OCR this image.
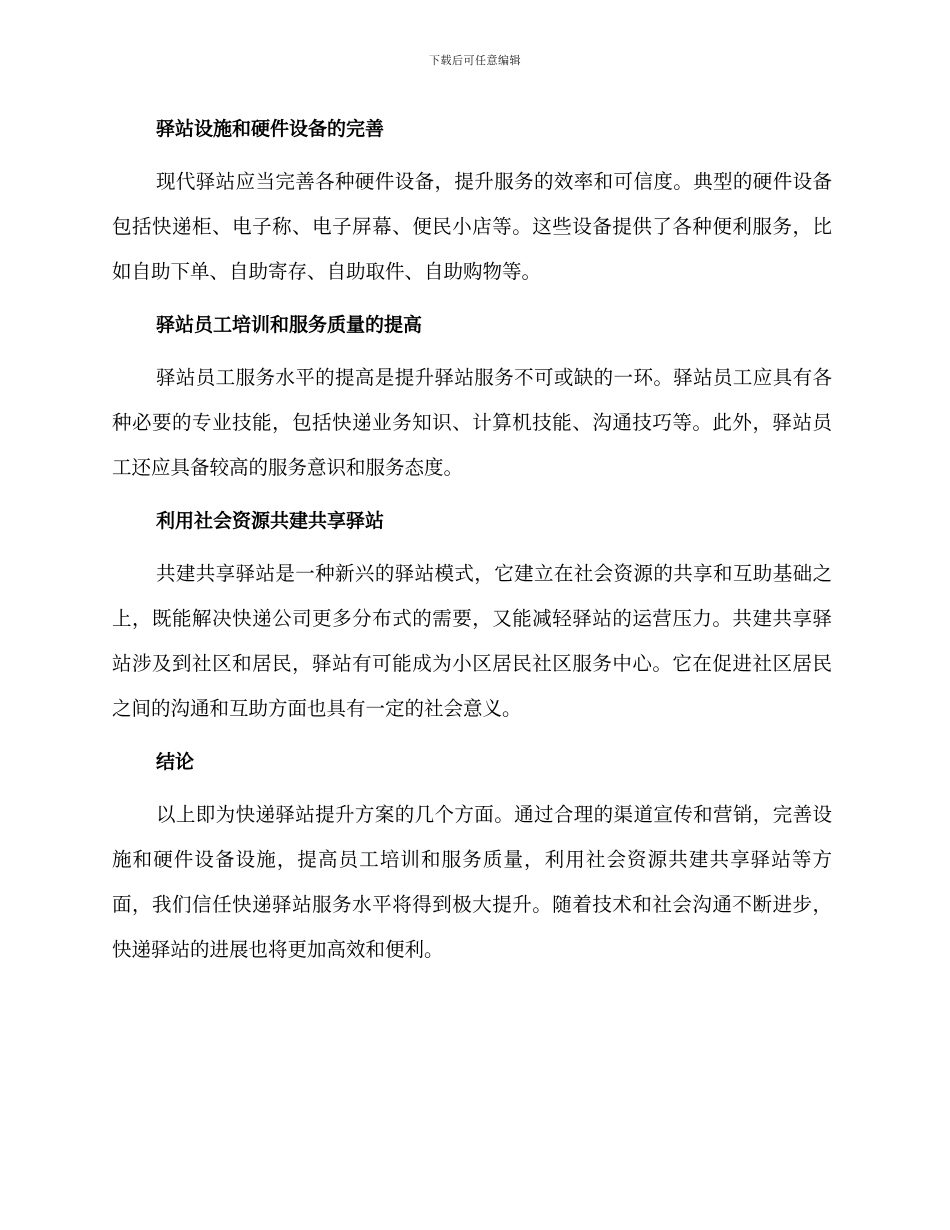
下载后可任意编辑
驿站设施和硬件设备的完善

现代驿站应当完善各种硬件设备，提升服务的效率和可信度。典型的硬件设备包括快递柜、电子称、电子屏幕、便民小店等。这些设备提供了各种便利服务，比如自助下单、自助寄存、自助取件、自助购物等。

驿站员工培训和服务质量的提高

驿站员工服务水平的提高是提升驿站服务不可或缺的一环。驿站员工应具有各种必要的专业技能，包括快递业务知识、计算机技能、沟通技巧等。此外，驿站员工还应具备较高的服务意识和服务态度。

利用社会资源共建共享驿站

共建共享驿站是一种新兴的驿站模式，它建立在社会资源的共享和互助基础之上，既能解决快递公司更多分布式的需要，又能减轻驿站的运营压力。共建共享驿站涉及到社区和居民，驿站有可能成为小区居民社区服务中心。它在促进社区居民之间的沟通和互助方面也具有一定的社会意义。

结论

以上即为快递驿站提升方案的几个方面。通过合理的渠道宣传和营销，完善设施和硬件设备设施，提高员工培训和服务质量，利用社会资源共建共享驿站等方面，我们信任快递驿站服务水平将得到极大提升。随着技术和社会沟通不断进步，快递驿站的进展也将更加高效和便利。
